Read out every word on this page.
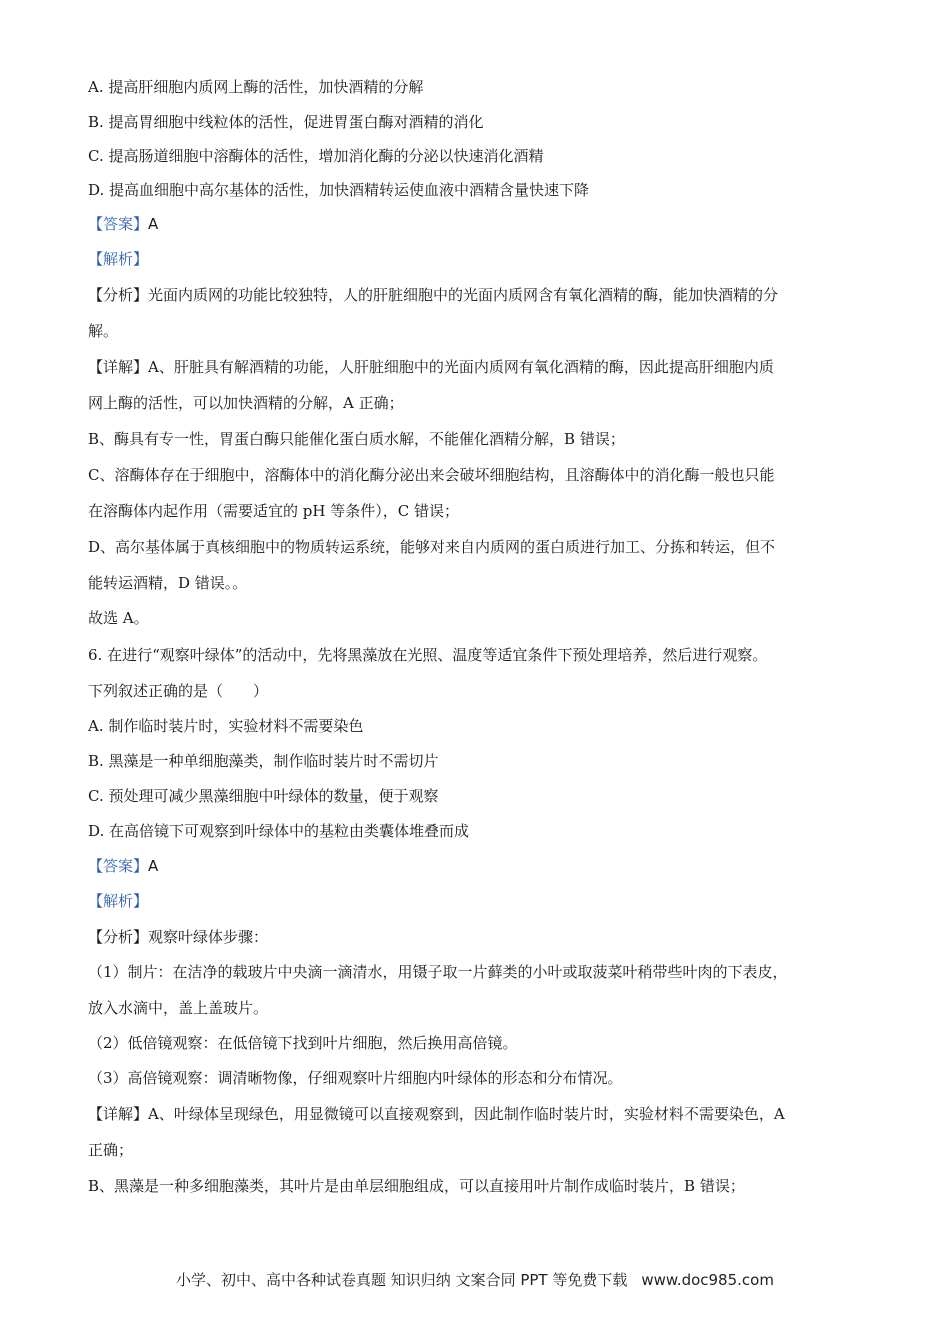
A. 提高肝细胞内质网上酶的活性，加快酒精的分解
B. 提高胃细胞中线粒体的活性，促进胃蛋白酶对酒精的消化
C. 提高肠道细胞中溶酶体的活性，增加消化酶的分泌以快速消化酒精
D. 提高血细胞中高尔基体的活性，加快酒精转运使血液中酒精含量快速下降
【答案】A
【解析】
【分析】光面内质网的功能比较独特，人的肝脏细胞中的光面内质网含有氧化酒精的酶，能加快酒精的分
解。
【详解】A、肝脏具有解酒精的功能，人肝脏细胞中的光面内质网有氧化酒精的酶，因此提高肝细胞内质
网上酶的活性，可以加快酒精的分解，A 正确；
B、酶具有专一性，胃蛋白酶只能催化蛋白质水解，不能催化酒精分解，B 错误；
C、溶酶体存在于细胞中，溶酶体中的消化酶分泌出来会破坏细胞结构，且溶酶体中的消化酶一般也只能
在溶酶体内起作用（需要适宜的 pH 等条件），C 错误；
D、高尔基体属于真核细胞中的物质转运系统，能够对来自内质网的蛋白质进行加工、分拣和转运，但不
能转运酒精，D 错误。。
故选 A。
6. 在进行“观察叶绿体”的活动中，先将黑藻放在光照、温度等适宜条件下预处理培养，然后进行观察。
下列叙述正确的是（　　）
A. 制作临时装片时，实验材料不需要染色
B. 黑藻是一种单细胞藻类，制作临时装片时不需切片
C. 预处理可减少黑藻细胞中叶绿体的数量，便于观察
D. 在高倍镜下可观察到叶绿体中的基粒由类囊体堆叠而成
【答案】A
【解析】
【分析】观察叶绿体步骤：
（1）制片：在洁净的载玻片中央滴一滴清水，用镊子取一片藓类的小叶或取菠菜叶稍带些叶肉的下表皮，
放入水滴中，盖上盖玻片。
（2）低倍镜观察：在低倍镜下找到叶片细胞，然后换用高倍镜。
（3）高倍镜观察：调清晰物像，仔细观察叶片细胞内叶绿体的形态和分布情况。
【详解】A、叶绿体呈现绿色，用显微镜可以直接观察到，因此制作临时装片时，实验材料不需要染色，A
正确；
B、黑藻是一种多细胞藻类，其叶片是由单层细胞组成，可以直接用叶片制作成临时装片，B 错误；
小学、初中、高中各种试卷真题 知识归纳 文案合同 PPT 等免费下载 www.doc985.com
